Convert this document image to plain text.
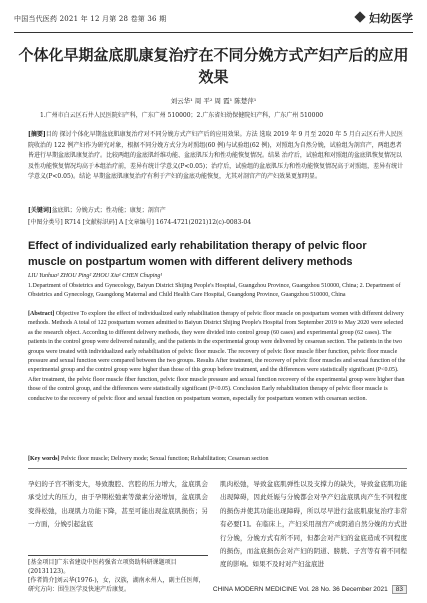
中国当代医药 2021 年 12 月第 28 卷第 36 期	妇幼医学
个体化早期盆底肌康复治疗在不同分娩方式产妇产后的应用效果
刘云华¹ 周 平² 周 霞¹ 陈楚萍¹
1.广州市白云区石井人民医院妇产科，广东广州 510000；2.广东省妇幼保健院妇产科，广东广州 510000
[摘要]目的 探讨个体化早期盆底肌康复治疗对不同分娩方式产妇产后的应用效果。方法 选取 2019 年 9 月至 2020 年 5 月白云区石井人民医院收治的 122 例产妇作为研究对象，根据不同分娩方式分为对照组(60 例)与试验组(62 例)，对照组为自然分娩，试验组为剖宫产，两组患者皆进行早期盆底肌康复治疗。比较两组的盆底肌纤维功能、盆底肌压力和性功能恢复情况。结果 治疗后，试验组和对照组的盆底肌恢复情况以及性功能恢复情况均高于本组治疗前，差异有统计学意义(P<0.05)；治疗后，试验组的盆底肌压力和性功能恢复情况高于对照组，差异有统计学意义(P<0.05)。结论 早期盆底肌康复治疗有利于产妇的盆底功能恢复，尤其对剖宫产的产妇效果更加明显。
[关键词]盆底肌；分娩方式；性功能；康复；剖宫产
[中图分类号] R714 [文献标识码] A [文章编号] 1674-4721(2021)12(c)-0083-04
Effect of individualized early rehabilitation therapy of pelvic floor muscle on postpartum women with different delivery methods
LIU Yunhua¹ ZHOU Ping² ZHOU Xia¹ CHEN Chuping¹
1.Department of Obstetrics and Gynecology, Baiyun District Shijing People's Hospital, Guangzhou Province, Guangzhou 510000, China; 2. Department of Obstetrics and Gynecology, Guangdong Maternal and Child Health Care Hospital, Guangdong Province, Guangzhou 510000, China
[Abstract] Objective To explore the effect of individualized early rehabilitation therapy of pelvic floor muscle on postpartum women with different delivery methods. Methods A total of 122 postpartum women admitted to Baiyun District Shijing People's Hospital from September 2019 to May 2020 were selected as the research object. According to different delivery methods, they were divided into control group (60 cases) and experimental group (62 cases). The patients in the control group were delivered naturally, and the patients in the experimental group were delivered by cesarean section. The patients in the two groups were treated with individualized early rehabilitation of pelvic floor muscle. The recovery of pelvic floor muscle fiber function, pelvic floor muscle pressure and sexual function were compared between the two groups. Results After treatment, the recovery of pelvic floor muscles and sexual function of the experimental group and the control group were higher than those of this group before treatment, and the differences were statistically significant (P<0.05). After treatment, the pelvic floor muscle fiber function, pelvic floor muscle pressure and sexual function recovery of the experimental group were higher than those of the control group, and the differences were statistically significant (P<0.05). Conclusion Early rehabilitation therapy of pelvic floor muscle is conducive to the recovery of pelvic floor and sexual function on postpartum women, especially for postpartum women with cesarean section.
[Key words] Pelvic floor muscle; Delivery mode; Sexual function; Rehabilitation; Cesarean section
孕妇的子宫不断变大，导致腹腔、宫腔的压力增大，盆底肌会承受过大的压力，由于孕期松弛素等激素分泌增加，盆底肌会变得松弛，出现肌力功能下降，甚至可能出现盆底肌损伤；另一方面，分娩引起盆底
肌肉松弛，导致盆底肌弹性以及支撑力的缺失，导致盆底肌功能出现障碍，因此妊娠与分娩都会对孕产妇盆底肌肉产生不同程度的损伤并使其功能出现障碍，所以尽早进行盆底肌康复治疗非常有必要[1]。在临床上，产妇采用剖宫产或阴道自然分娩的方式进行分娩，分娩方式有所不同，但都会对产妇的盆底造成不同程度的损伤，而盆底损伤会对产妇的阴道、膀胱、子宫等有着不同程度的影响。如果不及时对产妇盆底进
[基金项目]广东省建设中医药强省立项资助科研课题项目(20131123)。
[作者简介]刘云华(1976-)，女，汉族，湖南永州人，副主任医师，研究方向：围生医学及快速产后康复。	CHINA MODERN MEDICINE Vol. 28 No. 36 December 2021 83
